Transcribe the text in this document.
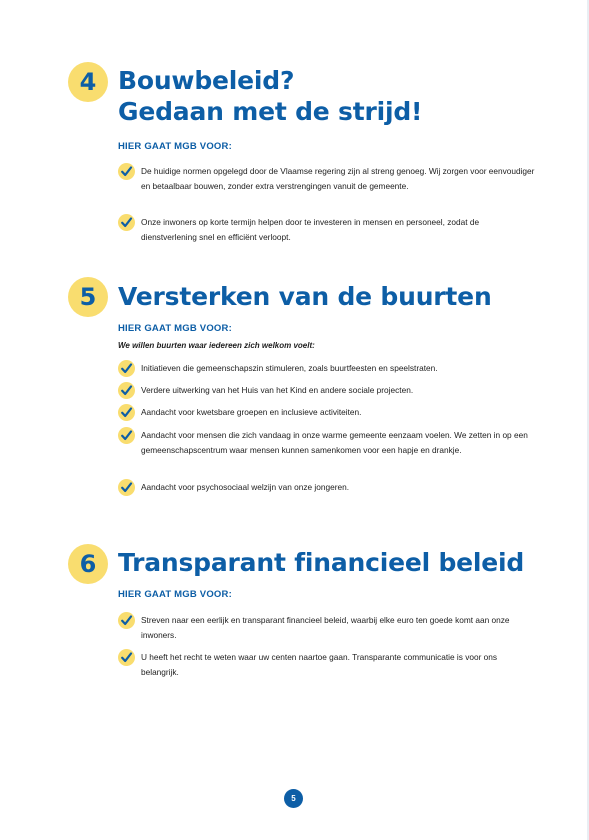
4 Bouwbeleid?
Gedaan met de strijd!
HIER GAAT MGB VOOR:
De huidige normen opgelegd door de Vlaamse regering zijn al streng genoeg. Wij zorgen voor eenvoudiger en betaalbaar bouwen, zonder extra verstrengingen vanuit de gemeente.
Onze inwoners op korte termijn helpen door te investeren in mensen en personeel, zodat de dienstverlening snel en efficiënt verloopt.
5 Versterken van de buurten
HIER GAAT MGB VOOR:
We willen buurten waar iedereen zich welkom voelt:
Initiatieven die gemeenschapszin stimuleren, zoals buurtfeesten en speelstraten.
Verdere uitwerking van het Huis van het Kind en andere sociale projecten.
Aandacht voor kwetsbare groepen en inclusieve activiteiten.
Aandacht voor mensen die zich vandaag in onze warme gemeente eenzaam voelen. We zetten in op een gemeenschapscentrum waar mensen kunnen samenkomen voor een hapje en drankje.
Aandacht voor psychosociaal welzijn van onze jongeren.
6 Transparant financieel beleid
HIER GAAT MGB VOOR:
Streven naar een eerlijk en transparant financieel beleid, waarbij elke euro ten goede komt aan onze inwoners.
U heeft het recht te weten waar uw centen naartoe gaan. Transparante communicatie is voor ons belangrijk.
5
